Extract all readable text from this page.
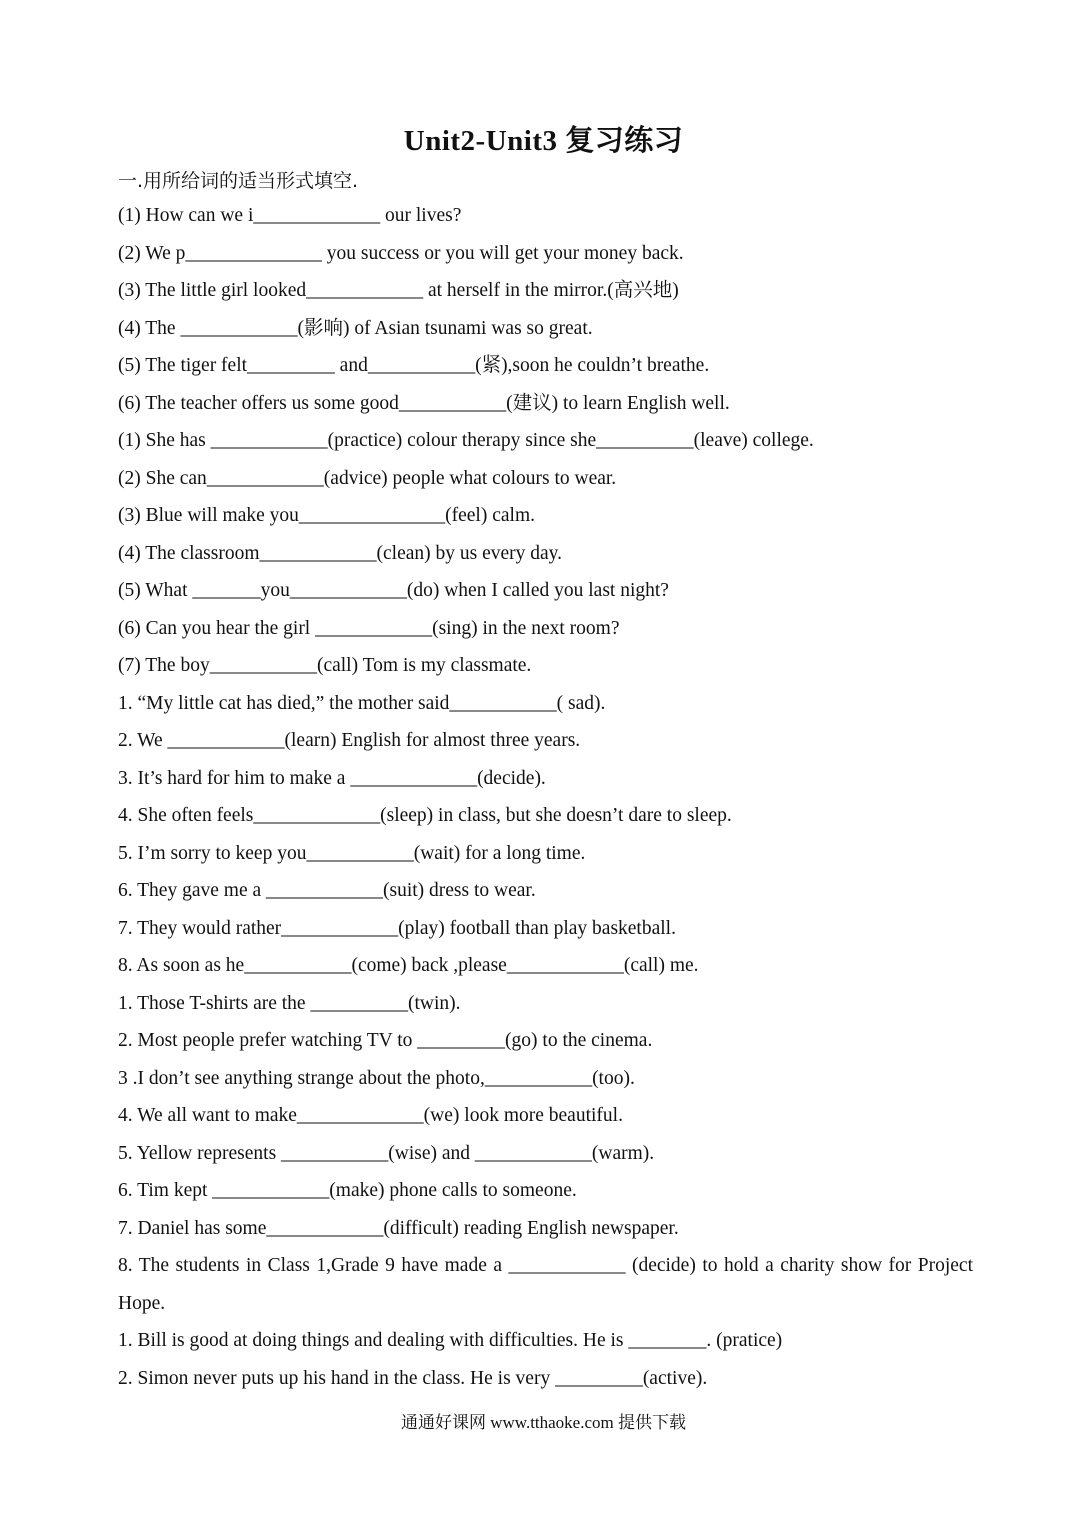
Unit2-Unit3 复习练习
一.用所给词的适当形式填空.
(1) How can we i_____________ our lives?
(2) We p______________ you success or you will get your money back.
(3) The little girl looked____________ at herself in the mirror.(高兴地)
(4) The ____________(影响) of Asian tsunami was so great.
(5) The tiger felt_________ and___________(紧),soon he couldn’t breathe.
(6) The teacher offers us some good___________(建议) to learn English well.
(1) She has ____________(practice) colour therapy since she__________(leave) college.
(2) She can____________(advice) people what colours to wear.
(3) Blue will make you_______________(feel) calm.
(4) The classroom____________(clean) by us every day.
(5) What _______you____________(do) when I called you last night?
(6) Can you hear the girl ____________(sing) in the next room?
(7) The boy___________(call) Tom is my classmate.
1. “My little cat has died,” the mother said___________( sad).
2. We ____________(learn) English for almost three years.
3. It’s hard for him to make a _____________(decide).
4. She often feels_____________(sleep) in class, but she doesn’t dare to sleep.
5. I’m sorry to keep you___________(wait) for a long time.
6. They gave me a ____________(suit) dress to wear.
7. They would rather____________(play) football than play basketball.
8. As soon as he___________(come) back ,please____________(call) me.
1. Those T-shirts are the __________(twin).
2. Most people prefer watching TV to _________(go) to the cinema.
3 .I don’t see anything strange about the photo,___________(too).
4. We all want to make_____________(we) look more beautiful.
5. Yellow represents ___________(wise) and ____________(warm).
6. Tim kept ____________(make) phone calls to someone.
7. Daniel has some____________(difficult) reading English newspaper.
8. The students in Class 1,Grade 9 have made a ____________ (decide) to hold a charity show for Project Hope.
1. Bill is good at doing things and dealing with difficulties. He is ________. (pratice)
2. Simon never puts up his hand in the class. He is very _________(active).
通通好课网 www.tthaoke.com 提供下载
